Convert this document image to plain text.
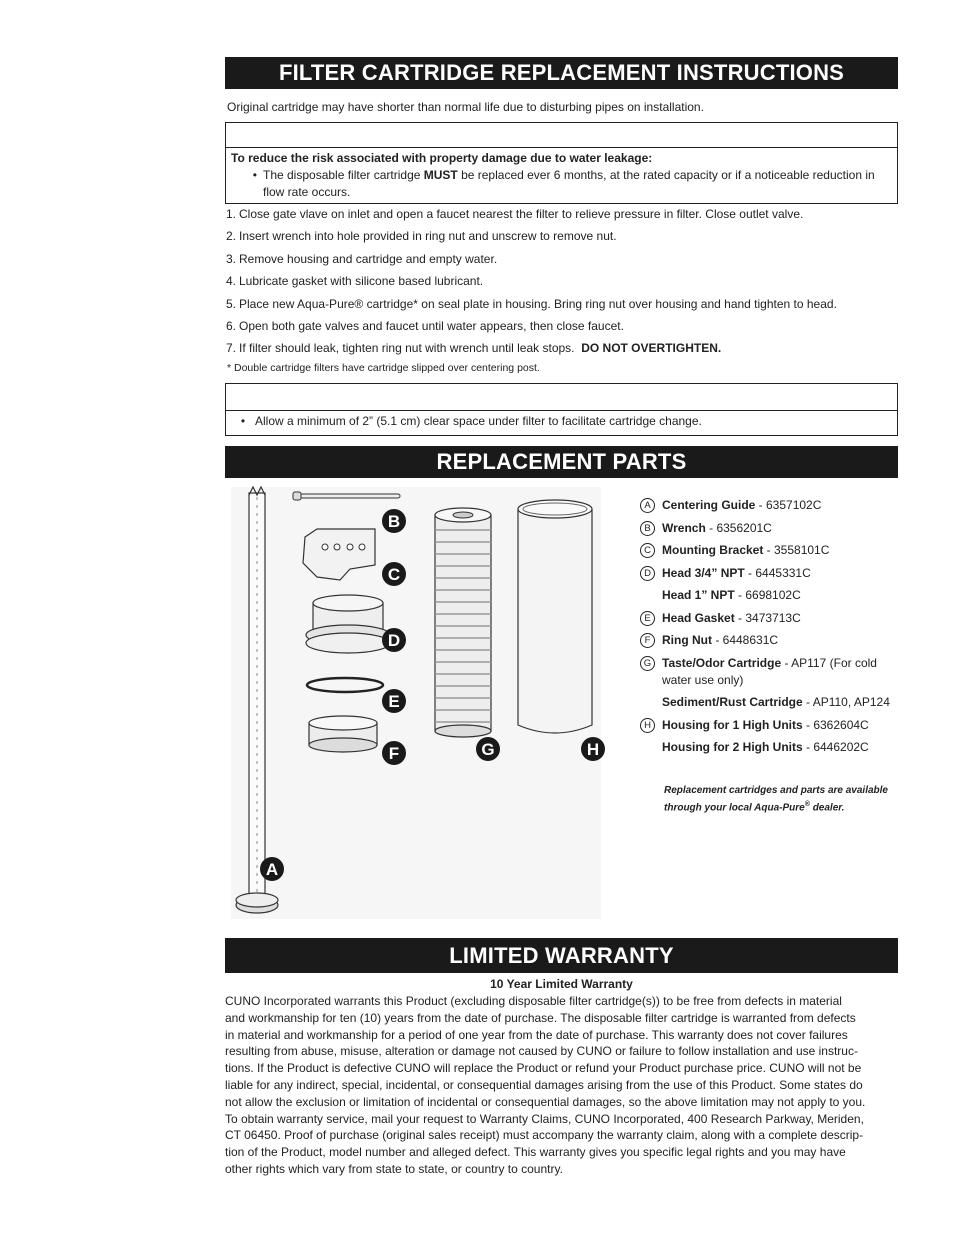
FILTER CARTRIDGE REPLACEMENT INSTRUCTIONS
Original cartridge may have shorter than normal life due to disturbing pipes on installation.
To reduce the risk associated with property damage due to water leakage:
• The disposable filter cartridge MUST be replaced ever 6 months, at the rated capacity or if a noticeable reduction in
flow rate occurs.
1. Close gate vlave on inlet and open a faucet nearest the filter to relieve pressure in filter. Close outlet valve.
2. Insert wrench into hole provided in ring nut and unscrew to remove nut.
3. Remove housing and cartridge and empty water.
4. Lubricate gasket with silicone based lubricant.
5. Place new Aqua-Pure® cartridge* on seal plate in housing. Bring ring nut over housing and hand tighten to head.
6. Open both gate valves and faucet until water appears, then close faucet.
7. If filter should leak, tighten ring nut with wrench until leak stops. DO NOT OVERTIGHTEN.
* Double cartridge filters have cartridge slipped over centering post.
• Allow a minimum of 2” (5.1 cm) clear space under filter to facilitate cartridge change.
REPLACEMENT PARTS
B
C
D
E
F	G	H
A
A Centering Guide - 6357102C
B Wrench - 6356201C
C Mounting Bracket - 3558101C
D Head 3/4” NPT - 6445331C
Head 1” NPT - 6698102C
E Head Gasket - 3473713C
F Ring Nut - 6448631C
G Taste/Odor Cartridge - AP117 (For cold water use only)
Sediment/Rust Cartridge - AP110, AP124
H Housing for 1 High Units - 6362604C
Housing for 2 High Units - 6446202C
Replacement cartridges and parts are available
through your local Aqua-Pure® dealer.
LIMITED WARRANTY
10 Year Limited Warranty
CUNO Incorporated warrants this Product (excluding disposable filter cartridge(s)) to be free from defects in material
and workmanship for ten (10) years from the date of purchase. The disposable filter cartridge is warranted from defects
in material and workmanship for a period of one year from the date of purchase. This warranty does not cover failures
resulting from abuse, misuse, alteration or damage not caused by CUNO or failure to follow installation and use instruc-
tions. If the Product is defective CUNO will replace the Product or refund your Product purchase price. CUNO will not be
liable for any indirect, special, incidental, or consequential damages arising from the use of this Product. Some states do
not allow the exclusion or limitation of incidental or consequential damages, so the above limitation may not apply to you.
To obtain warranty service, mail your request to Warranty Claims, CUNO Incorporated, 400 Research Parkway, Meriden,
CT 06450. Proof of purchase (original sales receipt) must accompany the warranty claim, along with a complete descrip-
tion of the Product, model number and alleged defect. This warranty gives you specific legal rights and you may have
other rights which vary from state to state, or country to country.
